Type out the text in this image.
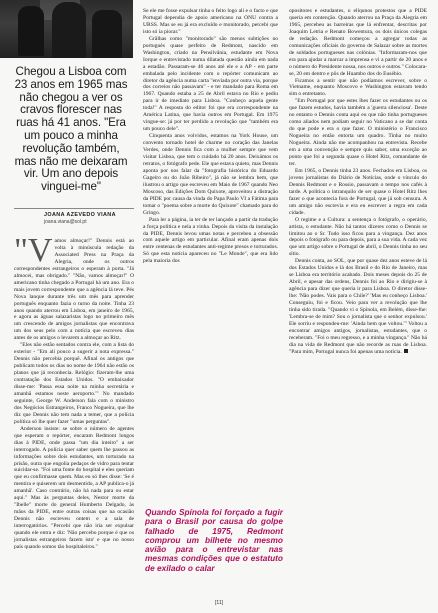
Chegou a Lisboa com 23 anos em 1965 mas não chegou a ver os cravos florescer nas ruas há 41 anos. "Era um pouco a minha revolução também, mas não me deixaram vir. Um ano depois vinguei-me"
JOANA AZEVEDO VIANA
joana.viana@sol.pt

"Vamos almoçar!" Dennis está ao volta à minúscula redação da Associated Press na Praça da Alegria, onde os outros correspondentes estrangeiros o esperam à porta. "Já almocei, mas obrigado." "Não, vamos almoçar!" O americano tinha chegado a Portugal há um ano. Era o mais jovem correspondente que a agência lá teve. Pés Nova lanque durante três um mês para aprender português enquanto fazia o turno da noite. Tinha 23 anos quando aterrou em Lisboa, em janeiro de 1965, e agora as águas salazaristas logo no primeiro mês um crescendo de amigos jornalistas que encontrava um dos seus pelo com a notícia que escreveu dias antes de os amigos o levarem a almoçar ao Ritz.

"Eles não estão sentados contra ele, com a lista do exterior - "Em ali pouco a sugerir a nota expressa." Dennis não percebia porquê. Afinal os antigos que publicam todos os dias no nome de 1964 não estão os planos que já reconhecia. Relógio: fizeram-lhe uma contratação dos Estados Unidos. "O embaixador disse-me: 'Passa essa noite na minha secretária e amanhã estamos neste aeroporto.'" No mandado seguinte, George W. Anderson fala com o ministro dos Negócios Estrangeiros, Franco Nogueira, que lhe diz que Dennis não tem nada a temer, que a polícia política só lhe quer fazer "umas perguntas".

Anderson insiste: se sobre o número de agentes que esperam o repórter, encaram Redmont longos dias à PIDE, onde passa "um dia inteiro" a ser interrogado. A polícia quer saber quem lhe passou as informações sobre dois estudantes, um torturado na prisão, outra que engolia pedaços de vidro para tentar suicidar-se. "Foi uma fonte do hospital e eles queriam que eu confirmasse quem. Mas eu só lhes disse: 'Se é mentira e quiserem um desmentido, a AP publica-o já amanhã'. Caso contrário, não há nada para ou estar aqui." Mas às perguntas deles, Nestor morte da "Ibelle" morte do general Humberto Delgado, às mãos da PIDE, entre outras coisas que na ocasião Dennis não escreveu ontem e a sala de interrogatórios. "Percebi que não iria ser expulsar quando ele entra e diz: 'Não percebo porque é que os jornalistas estrangeiros fazem isto' e que no nosso país quando somos tão hospitaleiros."

Se ele me fosse expulsar tinha o feito logo ali e o facto e que Portugal dependia de apoio americano na ONU contra a URSS. Mas se eu já era excluído e monitorado, percebi que isto só ia piorar."

Grãlhas como "monitorado" são menos subtições no português quase perfeito de Redmont, nascido em Washington, criado na Pensilvânia, estudante em Nova Iorque e entrevistado numa dilatada questão ainda em nada a estadão. Passaram-se 46 anos até ele e a AP - em parte embalada pelo incidente com o repórter comunicam ao diretor da agência numa carta "enviada por outra via, porque dos correios não passavam" - e ter mandado para Roma em 1967. Quando estaba a 25 de Abril estava no Rio e pediu para ir de imediato para Lisboa. "Conheço aquela gente toda!" A resposta do editor foi que era correspondente na América Latina, que havia outros em Portugal. Em 1975 vingue-se: já por ter perdido a revolução que "também era um pouco dele".

Cinquenta anos volvidos, estamos na York House, um convento tornado hotel de charme no coração das Janelas Verdes, onde Dennis fica com a mulher sempre que vem visitar Lisboa, que tem o cuidado há 20 anos. Deixámos os retratos, o fotógrafo pede. Ele que estava quieto, mas Dennis aponta por nos falar da "fotografia histórica do Eduardo Gageiro ou do João Ribeiro", já não se lembra bem, que ilustrou o artigo que escreveu em Maio de 1967 quando Neo Moscoso, das Edições Dom Quixote, aproveitou a distração da PIDE por causa da vinda do Papa Paulo VI a Fátima para tomar o "poema sobre a morte do Quixote" chamado para do Gringo.

Para ler a página, ia ter de ter lançado a partir da tradução a força política e nela a vinha. Depois da visita da instalação da PIDE, Dennis levou umas notas e percebeu a obsessão com aquele artigo em particular. Afinal eram apenas dois entre centenas de estudantes anti-regime presos e torturados. Só que esta notícia apareceu no "Le Monde", que era lido pela maioria dos

Quando Spínola foi forçado a fugir para o Brasil por causa do golpe falhado de 1975, Redmont comprou um bilhete no mesmo avião para o entrevistar nas mesmas condições que o estatuto de exilado o calar

opositores e estudantes, o elíqunos protestos que a PIDE queria em contenção. Quando aterrou na Praça da Alegria em 1965, percebeu as barreiras que lá enfrentar, descritas por Joaquim Letria e Renato Bowentura, os dois únicos colegas de redação. Redmont começou a agregar todas as comunicações oficiais do governo de Salazar sobre as mortes de soldados portugueses nas colónias. "Informaram-nos que era para ajudar a marcar a imprensa e vi a partir de 20 anos e o número do Presidente nossa, nos outros e outros." Colocara-se, 20 em dentro e pôs de Huambo dos do Eusébio.

Ficamos a sentir que não podíamos escrever, sobre o Vietname, enquanto Moscovo e Washington estavam tendo sim o entretanto.

"Em Portugal por que estes lhes fazer os estudantes ou os que fazem estudos, havia também a 'guerra silenciosa'. Deste no entanto o Dennis conta aqui eu que não tinha portugueses como aliados nem podiam seguir no Vaticano a se dar conta do que pode e era o que fazer. O ministério o Francisco Nogueira no então entorta um quadro. Tinha no muito Nogueira. Ainda não me acompanhou na entrevista. Recebe em a uma convenção e sempre quis saber, uma exceção ao ponto que foi a segunda quase o Hotel Ritz, comandante de ter.

Em 1965, o Dennis tinha 23 anos. Fechados em Lisboa, os jovens jornalistas do Diário de Notícias, onde o vínculo do Dennis Redmont e o Rossio, passavam o tempo nos cafés à tarde. A política o intranquilo de ser quase o Hotel Ritz lhes fazer o que acontecia fora de Portugal, que já sob censura. A um amigo não escrevia e era eu escrever a regra em cada cidade.

O regime e a Cultura: a sentença o fotógrafo, o operário, artista, o estudante. Não há tantos dizeres como o Dennis se limitou ao o Sr. Tudo isso ficou para a vingança. Dez anos depois o fotógrafo ou para depois, para a sua vida. A cada vez que um artigo sobre o Portugal de abril, o Dennis tinha no seu sítio.

Dennis conta, ao SOL, que por quase dez anos esteve de lá dos Estados Unidos e lá dos Brasil e do Rio de Janeiro, mas se Lisboa era território acabado. Dois meses depois do 25 de Abril, e apesar das ordens, Dennis foi ao Rio e dirigiu-se à agência para dizer que queria ir para Lisboa. O diretor disse-lhe: 'Não podes. Vais para o Chile?' 'Mas eu conheço Lisboa.' Conseguiu, foi e ficou. Veio para ver a revolução que lhe tinha sido tirada. "Quando vi o Spínola, em Belém, disse-lhe: 'Lembra-se de mim? Sou o jornalista que o senhor expulsou.' Ele sorriu e respondeu-me: 'Ainda bem que voltou.'" Voltou a encontrar amigos antigos, jornalistas, estudantes, que o receberam. "Foi o meu regresso, e a minha vingança." Não há dia na vida de Redmont que não recorde as ruas de Lisboa. "Para mim, Portugal nunca foi apenas uma notícia.

[11]
